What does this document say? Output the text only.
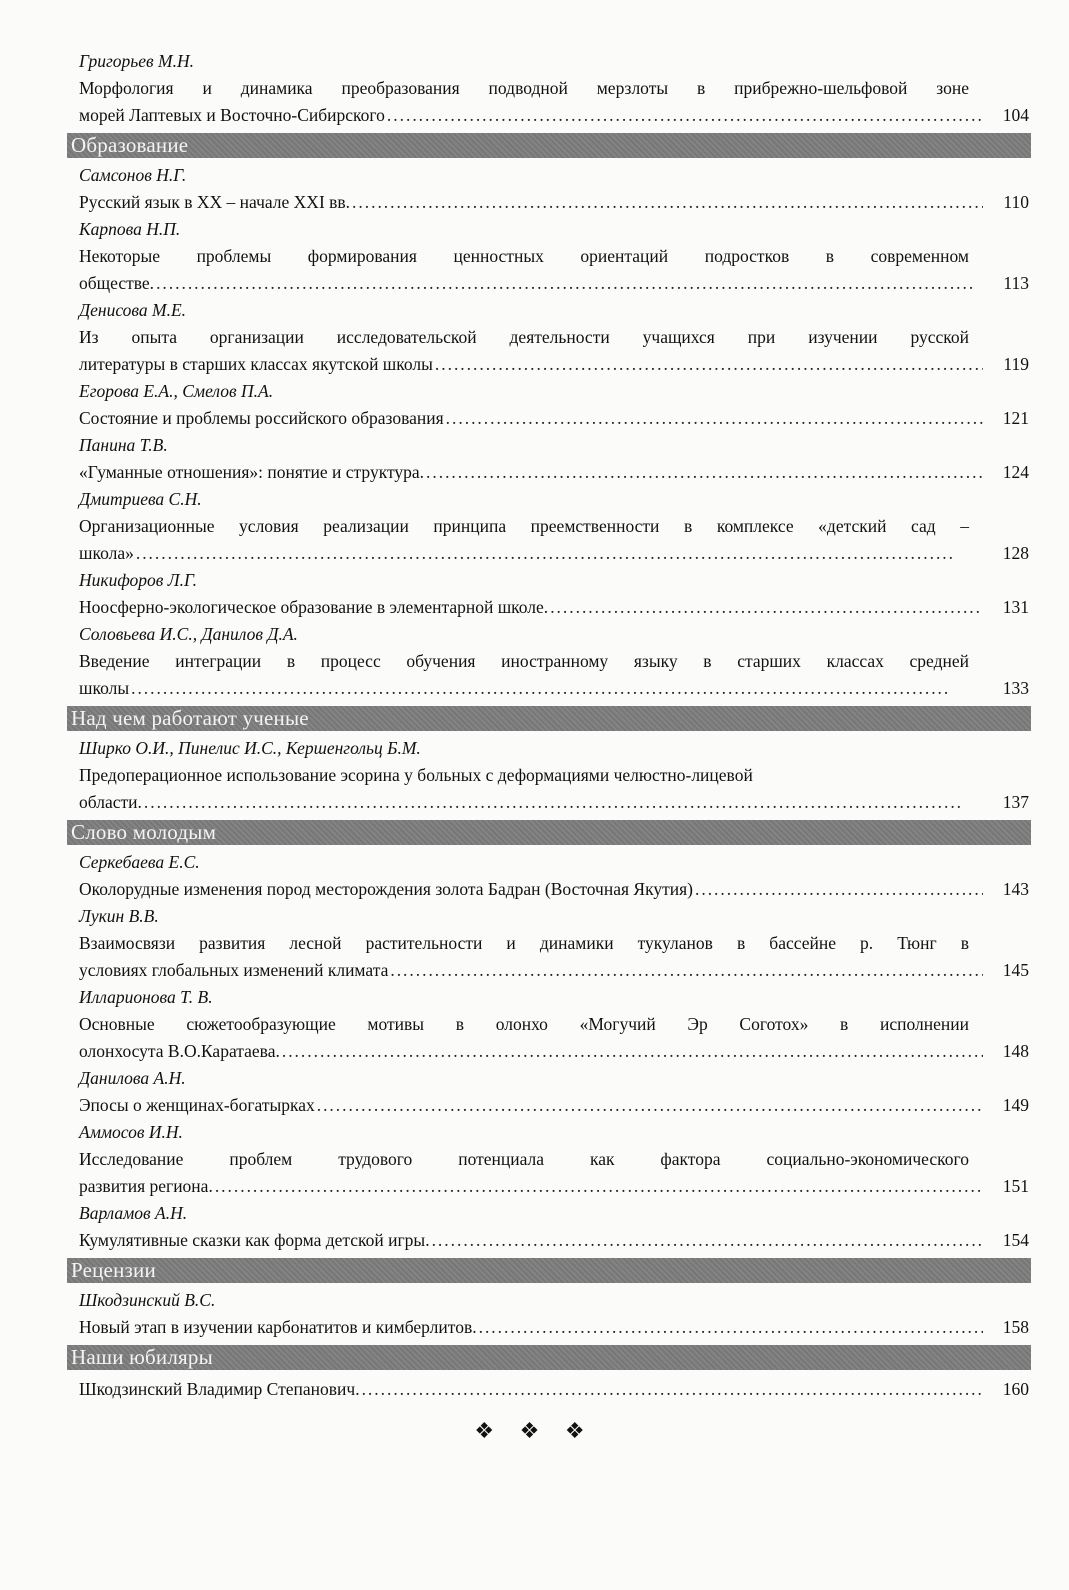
Григорьев М.Н.
Морфология и динамика преобразования подводной мерзлоты в прибрежно-шельфовой зоне
морей Лаптевых и Восточно-Сибирского . . .	104
Образование
Самсонов Н.Г.
Русский язык в XX – начале XXI вв. . . .	110
Карпова Н.П.
Некоторые проблемы формирования ценностных ориентаций подростков в современном
обществе. . . .	113
Денисова М.Е.
Из опыта организации исследовательской деятельности учащихся при изучении русской
литературы в старших классах якутской школы . . .	119
Егорова Е.А., Смелов П.А.
Состояние и проблемы российского образования . . .	121
Панина Т.В.
«Гуманные отношения»: понятие и структура. . . .	124
Дмитриева С.Н.
Организационные условия реализации принципа преемственности в комплексе «детский сад –
школа» . . .	128
Никифоров Л.Г.
Ноосферно-экологическое образование в элементарной школе. . . .	131
Соловьева И.С., Данилов Д.А.
Введение интеграции в процесс обучения иностранному языку в старших классах средней
школы . . .	133
Над чем работают ученые
Ширко О.И., Пинелис И.С., Кершенгольц Б.М.
Предоперационное использование эсорина у больных с деформациями челюстно-лицевой
области. . . .	137
Слово молодым
Серкебаева Е.С.
Околорудные изменения пород месторождения золота Бадран (Восточная Якутия) . . .	143
Лукин В.В.
Взаимосвязи развития лесной растительности и динамики тукуланов в бассейне р. Тюнг в
условиях глобальных изменений климата . . .	145
Илларионова Т. В.
Основные сюжетообразующие мотивы в олонхо «Могучий Эр Соготох» в исполнении
олонхосута В.О.Каратаева. . . .	148
Данилова А.Н.
Эпосы о женщинах-богатырках . . .	149
Аммосов И.Н.
Исследование проблем трудового потенциала как фактора социально-экономического
развития региона. . . .	151
Варламов А.Н.
Кумулятивные сказки как форма детской игры. . . .	154
Рецензии
Шкодзинский В.С.
Новый этап в изучении карбонатитов и кимберлитов. . . .	158
Наши юбиляры
Шкодзинский Владимир Степанович. . . .	160
❖ ❖ ❖
